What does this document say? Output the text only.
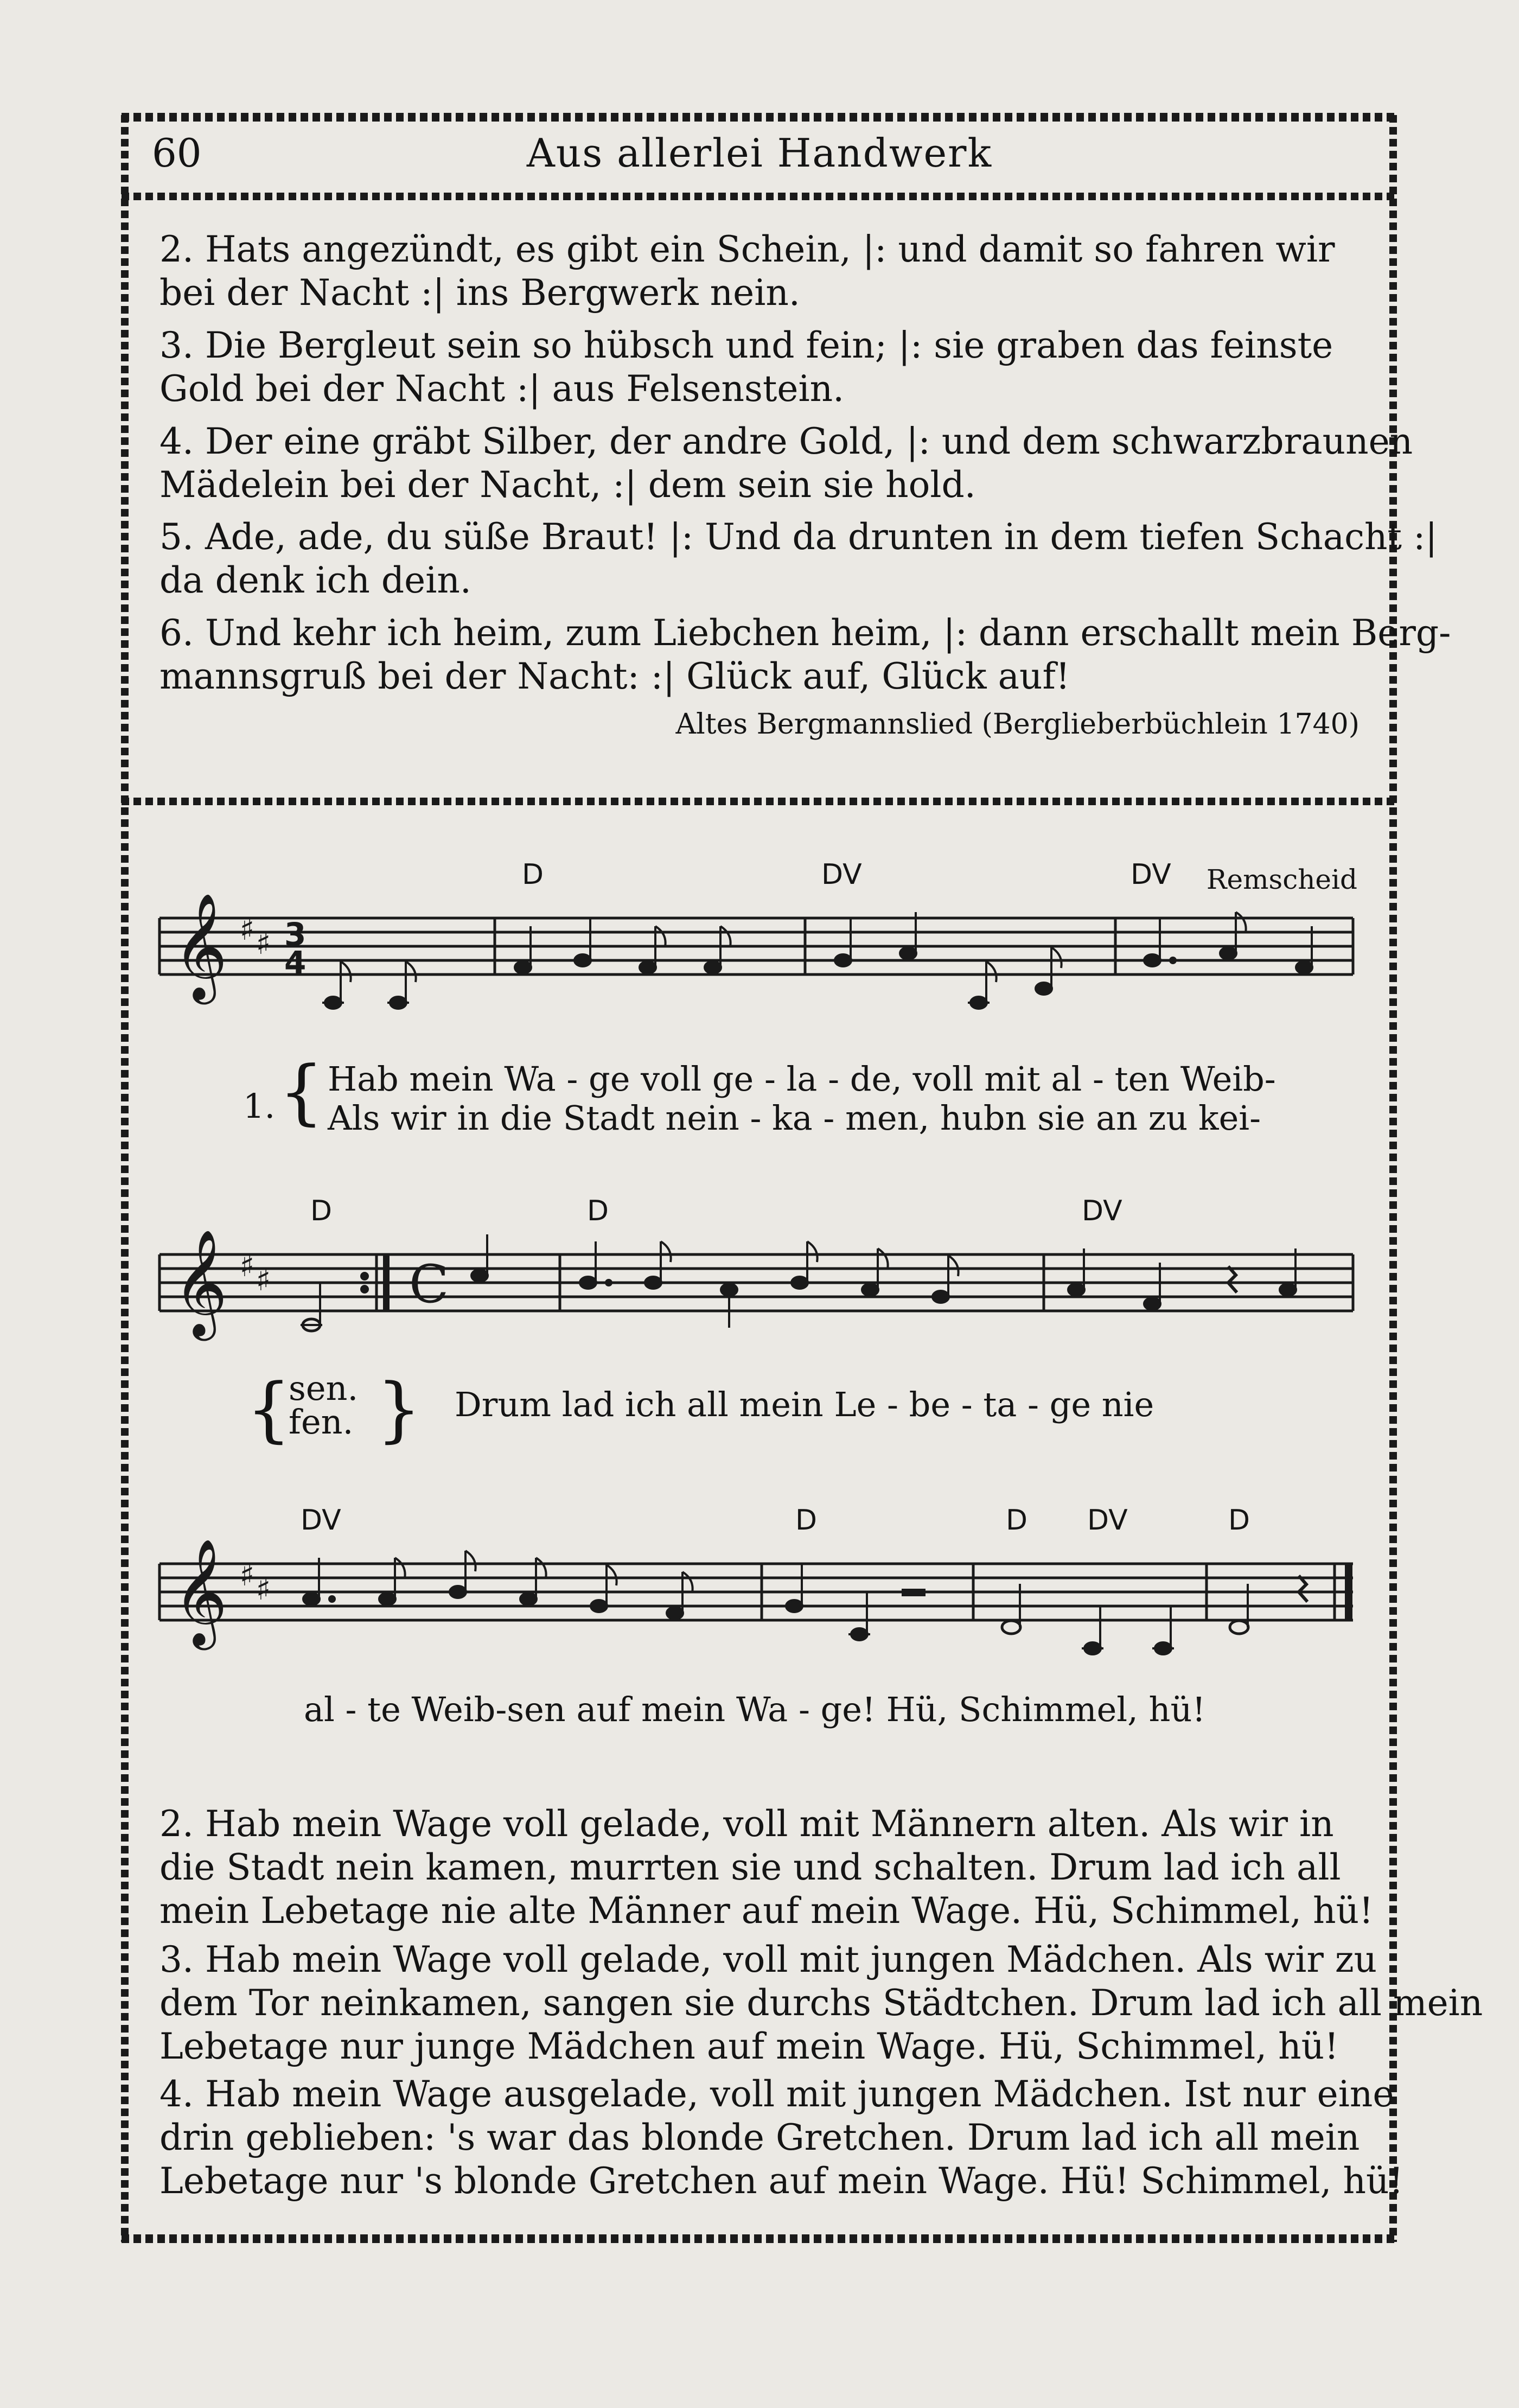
60	Aus allerlei Handwerk
2. Hats angezündt, es gibt ein Schein, |: und damit so fahren wir
bei der Nacht :| ins Bergwerk nein.
3. Die Bergleut sein so hübsch und fein; |: sie graben das feinste
Gold bei der Nacht :| aus Felsenstein.
4. Der eine gräbt Silber, der andre Gold, |: und dem schwarzbraunen
Mädelein bei der Nacht, :| dem sein sie hold.
5. Ade, ade, du süße Braut! |: Und da drunten in dem tiefen Schacht :|
da denk ich dein.
6. Und kehr ich heim, zum Liebchen heim, |: dann erschallt mein Berg-
mannsgruß bei der Nacht: :| Glück auf, Glück auf!
Altes Bergmannslied (Berglieberbüchlein 1740)
Remscheid
D	DV	DV
𝄞 ♯ ♯ 3
4
1. { Hab mein Wa - ge voll ge - la - de, voll mit al - ten Weib-
Als wir in die Stadt nein - ka - men, hubn sie an zu kei-
D	D	DV
𝄞 ♯ ♯	C
{
sen.
fen. } Drum lad ich all mein Le - be - ta - ge nie
DV	D	D DV	D
𝄞 ♯ ♯
al - te Weib-sen auf mein Wa - ge! Hü, Schimmel, hü!
2. Hab mein Wage voll gelade, voll mit Männern alten. Als wir in
die Stadt nein kamen, murrten sie und schalten. Drum lad ich all
mein Lebetage nie alte Männer auf mein Wage. Hü, Schimmel, hü!
3. Hab mein Wage voll gelade, voll mit jungen Mädchen. Als wir zu
dem Tor neinkamen, sangen sie durchs Städtchen. Drum lad ich all mein
Lebetage nur junge Mädchen auf mein Wage. Hü, Schimmel, hü!
4. Hab mein Wage ausgelade, voll mit jungen Mädchen. Ist nur eine
drin geblieben: 's war das blonde Gretchen. Drum lad ich all mein
Lebetage nur 's blonde Gretchen auf mein Wage. Hü! Schimmel, hü!
